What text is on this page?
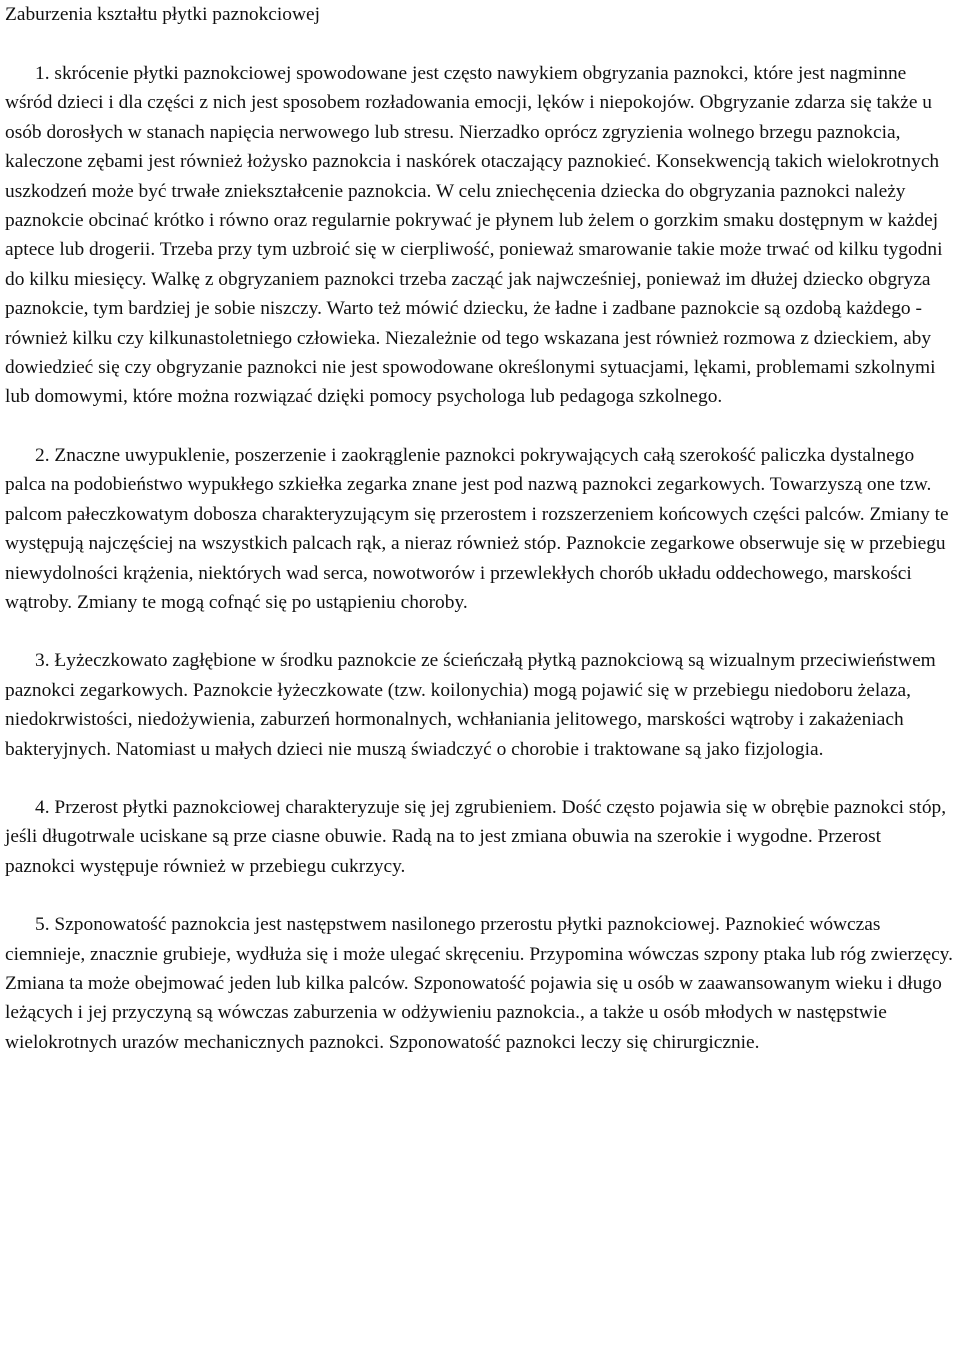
Zaburzenia kształtu płytki paznokciowej

1. skrócenie płytki paznokciowej spowodowane jest często nawykiem obgryzania paznokci, które jest nagminne wśród dzieci i dla części z nich jest sposobem rozładowania emocji, lęków i niepokojów. Obgryzanie zdarza się także u osób dorosłych w stanach napięcia nerwowego lub stresu. Nierzadko oprócz zgryzienia wolnego brzegu paznokcia, kaleczone zębami jest również łożysko paznokcia i naskórek otaczający paznokieć. Konsekwencją takich wielokrotnych uszkodzeń może być trwałe zniekształcenie paznokcia. W celu zniechęcenia dziecka do obgryzania paznokci należy paznokcie obcinać krótko i równo oraz regularnie pokrywać je płynem lub żelem o gorzkim smaku dostępnym w każdej aptece lub drogerii. Trzeba przy tym uzbroić się w cierpliwość, ponieważ smarowanie takie może trwać od kilku tygodni do kilku miesięcy. Walkę z obgryzaniem paznokci trzeba zacząć jak najwcześniej, ponieważ im dłużej dziecko obgryza paznokcie, tym bardziej je sobie niszczy. Warto też mówić dziecku, że ładne i zadbane paznokcie są ozdobą każdego - również kilku czy kilkunastoletniego człowieka. Niezależnie od tego wskazana jest również rozmowa z dzieckiem, aby dowiedzieć się czy obgryzanie paznokci nie jest spowodowane określonymi sytuacjami, lękami, problemami szkolnymi lub domowymi, które można rozwiązać dzięki pomocy psychologa lub pedagoga szkolnego.

2. Znaczne uwypuklenie, poszerzenie i zaokrąglenie paznokci pokrywających całą szerokość paliczka dystalnego palca na podobieństwo wypukłego szkiełka zegarka znane jest pod nazwą paznokci zegarkowych. Towarzyszą one tzw. palcom pałeczkowatym dobosza charakteryzującym się przerostem i rozszerzeniem końcowych części palców. Zmiany te występują najczęściej na wszystkich palcach rąk, a nieraz również stóp. Paznokcie zegarkowe obserwuje się w przebiegu niewydolności krążenia, niektórych wad serca, nowotworów i przewlekłych chorób układu oddechowego, marskości wątroby. Zmiany te mogą cofnąć się po ustąpieniu choroby.

3. Łyżeczkowato zagłębione w środku paznokcie ze ścieńczałą płytką paznokciową są wizualnym przeciwieństwem paznokci zegarkowych. Paznokcie łyżeczkowate (tzw. koilonychia) mogą pojawić się w przebiegu niedoboru żelaza, niedokrwistości, niedożywienia, zaburzeń hormonalnych, wchłaniania jelitowego, marskości wątroby i zakażeniach bakteryjnych. Natomiast u małych dzieci nie muszą świadczyć o chorobie i traktowane są jako fizjologia.

4. Przerost płytki paznokciowej charakteryzuje się jej zgrubieniem. Dość często pojawia się w obrębie paznokci stóp, jeśli długotrwale uciskane są prze ciasne obuwie. Radą na to jest zmiana obuwia na szerokie i wygodne. Przerost paznokci występuje również w przebiegu cukrzycy.

5. Szponowatość paznokcia jest następstwem nasilonego przerostu płytki paznokciowej. Paznokieć wówczas ciemnieje, znacznie grubieje, wydłuża się i może ulegać skręceniu. Przypomina wówczas szpony ptaka lub róg zwierzęcy. Zmiana ta może obejmować jeden lub kilka palców. Szponowatość pojawia się u osób w zaawansowanym wieku i długo leżących i jej przyczyną są wówczas zaburzenia w odżywieniu paznokcia., a także u osób młodych w następstwie wielokrotnych urazów mechanicznych paznokci. Szponowatość paznokci leczy się chirurgicznie.
